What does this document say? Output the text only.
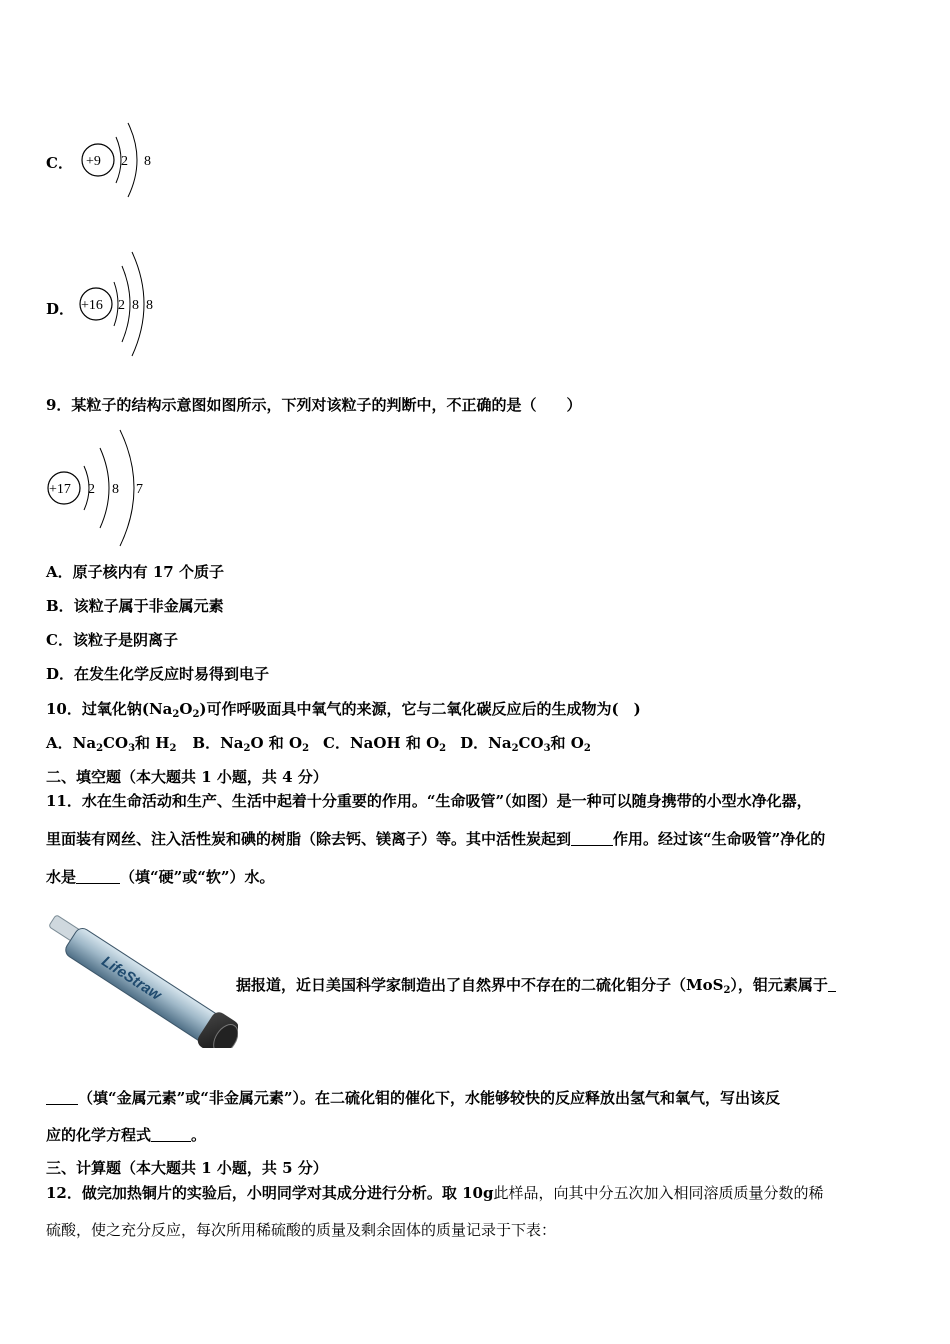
C． +9 2 8
D． +16 2 8 8
9．某粒子的结构示意图如图所示，下列对该粒子的判断中，不正确的是（　　）
+17 2 8 7
A．原子核内有 17 个质子
B．该粒子属于非金属元素
C．该粒子是阴离子
D．在发生化学反应时易得到电子
10．过氧化钠$(Na_2O_2)$可作呼吸面具中氧气的来源，它与二氧化碳反应后的生成物为(　)
A．$Na_2CO_3$和 $H_2$ B．$Na_2O$ 和 $O_2$ C．NaOH 和 $O_2$ D．$Na_2CO_3$和 $O_2$
二、填空题（本大题共 1 小题，共 4 分）
11．水在生命活动和生产、生活中起着十分重要的作用。“生命吸管”（如图）是一种可以随身携带的小型水净化器，
里面装有网丝、注入活性炭和碘的树脂（除去钙、镁离子）等。其中活性炭起到	作用。经过该“生命吸管”净化的
水是	（填“硬”或“软”）水。
LifeStraw	据报道，近日美国科学家制造出了自然界中不存在的二硫化钼分子（MoS$_2$），钼元素属于
（填“金属元素”或“非金属元素”）。在二硫化钼的催化下，水能够较快的反应释放出氢气和氧气，写出该反
应的化学方程式	。
三、计算题（本大题共 1 小题，共 5 分）
12．做完加热铜片的实验后，小明同学对其成分进行分析。取 10g此样品，向其中分五次加入相同溶质质量分数的稀
硫酸，使之充分反应，每次所用稀硫酸的质量及剩余固体的质量记录于下表：
